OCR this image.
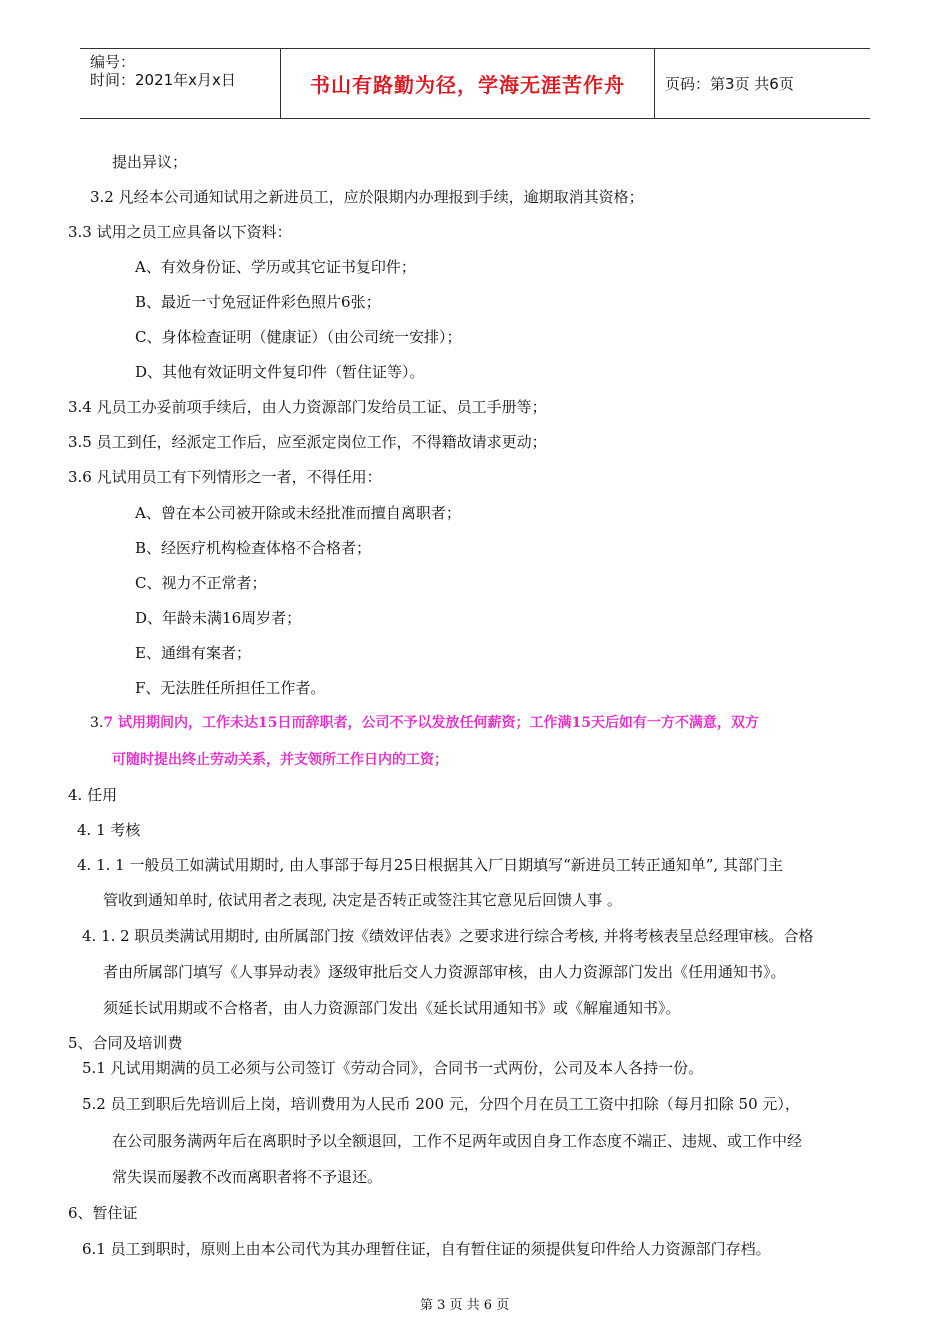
编号：
时间：2021年x月x日	书山有路勤为径，学海无涯苦作舟	页码：第3页 共6页
提出异议；
3.2 凡经本公司通知试用之新进员工，应於限期内办理报到手续，逾期取消其资格；
3.3 试用之员工应具备以下资料：
A、有效身份证、学历或其它证书复印件；
B、最近一寸免冠证件彩色照片6张；
C、身体检查证明（健康证）（由公司统一安排）；
D、其他有效证明文件复印件（暂住证等）。
3.4 凡员工办妥前项手续后，由人力资源部门发给员工证、员工手册等；
3.5 员工到任，经派定工作后，应至派定岗位工作，不得籍故请求更动；
3.6 凡试用员工有下列情形之一者，不得任用：
A、曾在本公司被开除或未经批准而擅自离职者；
B、经医疗机构检查体格不合格者；
C、视力不正常者；
D、年龄未满16周岁者；
E、通缉有案者；
F、无法胜任所担任工作者。
3.7 试用期间内，工作未达15日而辞职者，公司不予以发放任何薪资；工作满15天后如有一方不满意，双方
可随时提出终止劳动关系，并支领所工作日内的工资；
4. 任用
4. 1 考核
4. 1. 1 一般员工如满试用期时, 由人事部于每月25日根据其入厂日期填写“新进员工转正通知单”, 其部门主
管收到通知单时, 依试用者之表现, 决定是否转正或签注其它意见后回馈人事 。
4. 1. 2 职员类满试用期时, 由所属部门按《绩效评估表》之要求进行综合考核, 并将考核表呈总经理审核。合格
者由所属部门填写《人事异动表》逐级审批后交人力资源部审核，由人力资源部门发出《任用通知书》。
须延长试用期或不合格者，由人力资源部门发出《延长试用通知书》或《解雇通知书》。
5、合同及培训费
5.1 凡试用期满的员工必须与公司签订《劳动合同》，合同书一式两份，公司及本人各持一份。
5.2 员工到职后先培训后上岗，培训费用为人民币 200 元，分四个月在员工工资中扣除（每月扣除 50 元），
在公司服务满两年后在离职时予以全额退回，工作不足两年或因自身工作态度不端正、违规、或工作中经
常失误而屡教不改而离职者将不予退还。
6、暂住证
6.1 员工到职时，原则上由本公司代为其办理暂住证，自有暂住证的须提供复印件给人力资源部门存档。
第 3 页 共 6 页
